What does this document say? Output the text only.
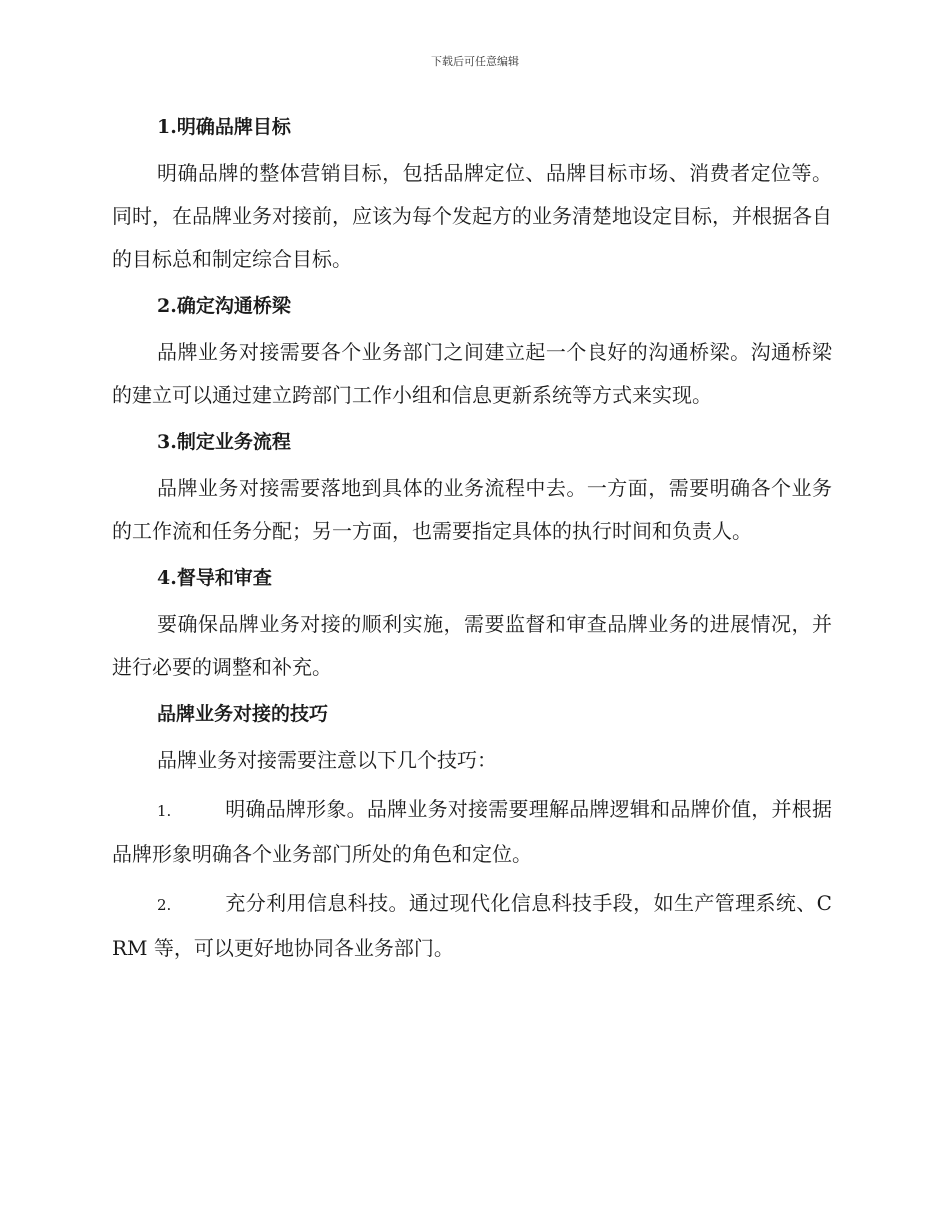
下载后可任意编辑
1.明确品牌目标

明确品牌的整体营销目标，包括品牌定位、品牌目标市场、消费者定位等。同时，在品牌业务对接前，应该为每个发起方的业务清楚地设定目标，并根据各自的目标总和制定综合目标。

2.确定沟通桥梁

品牌业务对接需要各个业务部门之间建立起一个良好的沟通桥梁。沟通桥梁的建立可以通过建立跨部门工作小组和信息更新系统等方式来实现。

3.制定业务流程

品牌业务对接需要落地到具体的业务流程中去。一方面，需要明确各个业务的工作流和任务分配；另一方面，也需要指定具体的执行时间和负责人。

4.督导和审查

要确保品牌业务对接的顺利实施，需要监督和审查品牌业务的进展情况，并进行必要的调整和补充。

品牌业务对接的技巧

品牌业务对接需要注意以下几个技巧：

1.	明确品牌形象。品牌业务对接需要理解品牌逻辑和品牌价值，并根据品牌形象明确各个业务部门所处的角色和定位。

2.	充分利用信息科技。通过现代化信息科技手段，如生产管理系统、CRM 等，可以更好地协同各业务部门。
